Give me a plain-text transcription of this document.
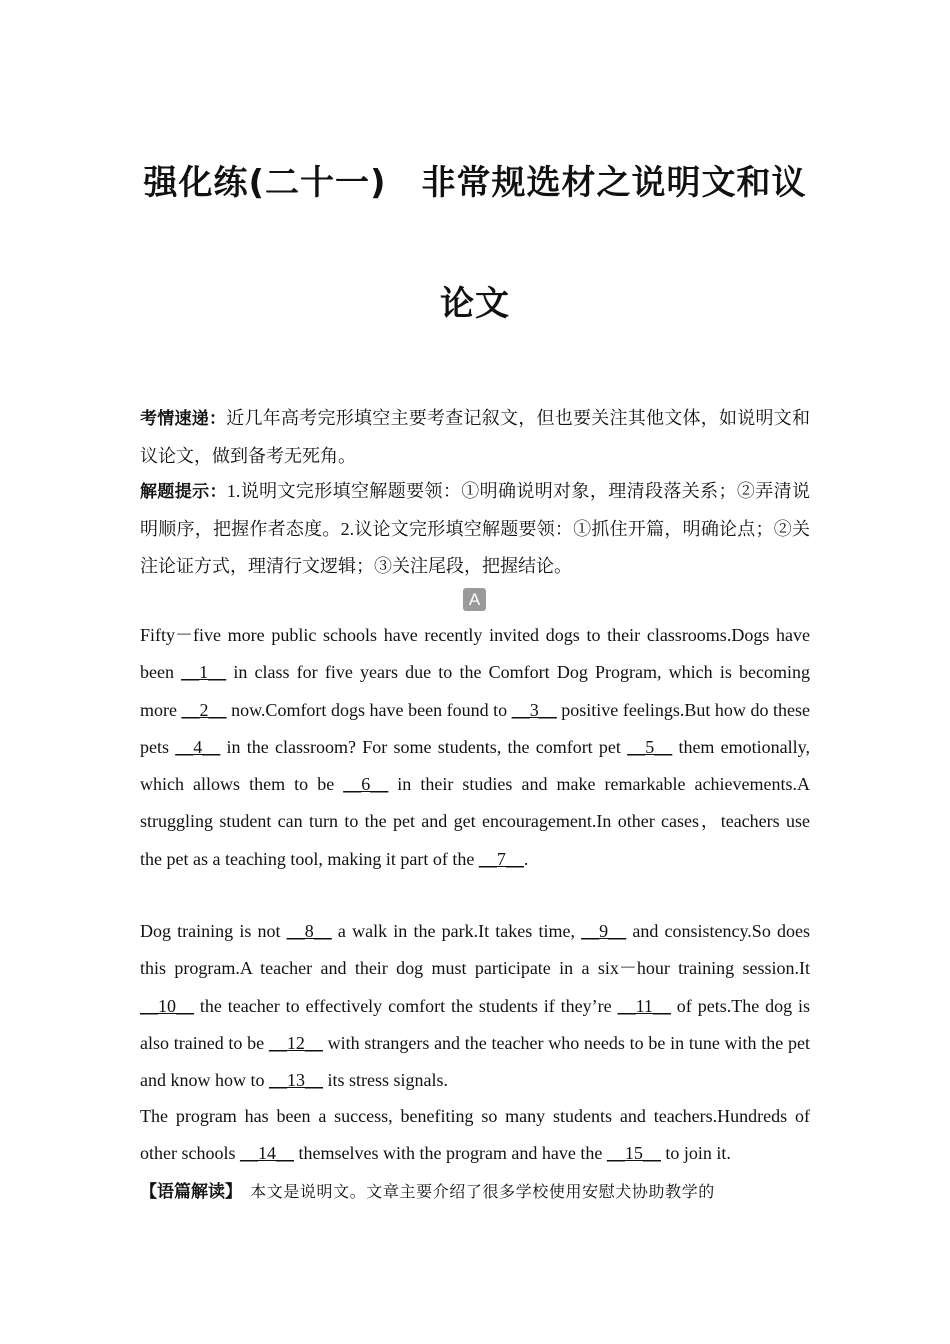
强化练(二十一)　非常规选材之说明文和议
论文
考情速递：近几年高考完形填空主要考查记叙文，但也要关注其他文体，如说明文和议论文，做到备考无死角。
解题提示：1.说明文完形填空解题要领：①明确说明对象，理清段落关系；②弄清说明顺序，把握作者态度。2.议论文完形填空解题要领：①抓住开篇，明确论点；②关注论证方式，理清行文逻辑；③关注尾段，把握结论。
A
Fifty－five more public schools have recently invited dogs to their classrooms.Dogs have been __1__ in class for five years due to the Comfort Dog Program, which is becoming more __2__ now.Comfort dogs have been found to __3__ positive feelings.But how do these pets __4__ in the classroom? For some students, the comfort pet __5__ them emotionally, which allows them to be __6__ in their studies and make remarkable achievements.A struggling student can turn to the pet and get encouragement.In other cases，teachers use the pet as a teaching tool, making it part of the __7__.
Dog training is not __8__ a walk in the park.It takes time, __9__ and consistency.So does this program.A teacher and their dog must participate in a six－hour training session.It __10__ the teacher to effectively comfort the students if they’re __11__ of pets.The dog is also trained to be __12__ with strangers and the teacher who needs to be in tune with the pet and know how to __13__ its stress signals.
The program has been a success, benefiting so many students and teachers.Hundreds of other schools __14__ themselves with the program and have the __15__ to join it.
【语篇解读】　本文是说明文。文章主要介绍了很多学校使用安慰犬协助教学的
